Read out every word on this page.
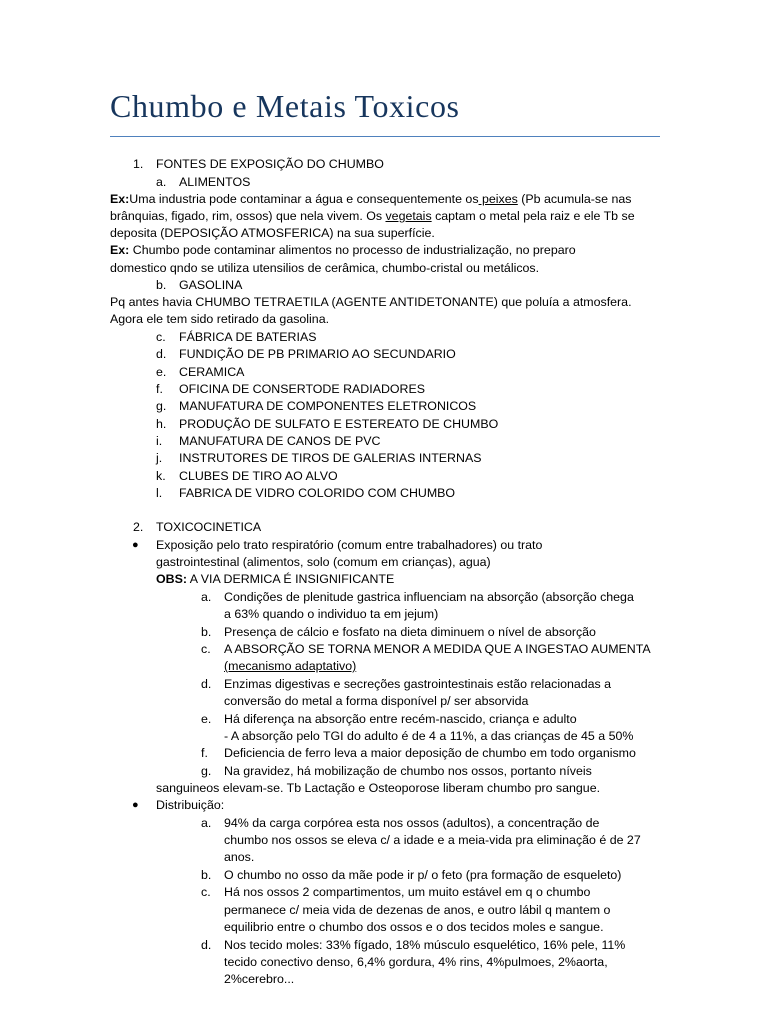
Chumbo e Metais Toxicos
1. FONTES DE EXPOSIÇÃO DO CHUMBO
a. ALIMENTOS
Ex:Uma industria pode contaminar a água e consequentemente os peixes (Pb acumula-se nas
brânquias, figado, rim, ossos) que nela vivem. Os vegetais captam o metal pela raiz e ele Tb se
deposita (DEPOSIÇÃO ATMOSFERICA) na sua superfície.
Ex: Chumbo pode contaminar alimentos no processo de industrialização, no preparo
domestico qndo se utiliza utensilios de cerâmica, chumbo-cristal ou metálicos.
b. GASOLINA
Pq antes havia CHUMBO TETRAETILA (AGENTE ANTIDETONANTE) que poluía a atmosfera.
Agora ele tem sido retirado da gasolina.
c. FÁBRICA DE BATERIAS
d. FUNDIÇÃO DE PB PRIMARIO AO SECUNDARIO
e. CERAMICA
f. OFICINA DE CONSERTODE RADIADORES
g. MANUFATURA DE COMPONENTES ELETRONICOS
h. PRODUÇÃO DE SULFATO E ESTEREATO DE CHUMBO
i. MANUFATURA DE CANOS DE PVC
j. INSTRUTORES DE TIROS DE GALERIAS INTERNAS
k. CLUBES DE TIRO AO ALVO
l. FABRICA DE VIDRO COLORIDO COM CHUMBO
2. TOXICOCINETICA
● Exposição pelo trato respiratório (comum entre trabalhadores) ou trato
gastrointestinal (alimentos, solo (comum em crianças), agua)
OBS: A VIA DERMICA É INSIGNIFICANTE
a. Condições de plenitude gastrica influenciam na absorção (absorção chega
a 63% quando o individuo ta em jejum)
b. Presença de cálcio e fosfato na dieta diminuem o nível de absorção
c. A ABSORÇÃO SE TORNA MENOR A MEDIDA QUE A INGESTAO AUMENTA
(mecanismo adaptativo)
d. Enzimas digestivas e secreções gastrointestinais estão relacionadas a
conversão do metal a forma disponível p/ ser absorvida
e. Há diferença na absorção entre recém-nascido, criança e adulto
- A absorção pelo TGI do adulto é de 4 a 11%, a das crianças de 45 a 50%
f. Deficiencia de ferro leva a maior deposição de chumbo em todo organismo
g. Na gravidez, há mobilização de chumbo nos ossos, portanto níveis
sanguineos elevam-se. Tb Lactação e Osteoporose liberam chumbo pro sangue.
● Distribuição:
a. 94% da carga corpórea esta nos ossos (adultos), a concentração de
chumbo nos ossos se eleva c/ a idade e a meia-vida pra eliminação é de 27
anos.
b. O chumbo no osso da mãe pode ir p/ o feto (pra formação de esqueleto)
c. Há nos ossos 2 compartimentos, um muito estável em q o chumbo
permanece c/ meia vida de dezenas de anos, e outro lábil q mantem o
equilibrio entre o chumbo dos ossos e o dos tecidos moles e sangue.
d. Nos tecido moles: 33% fígado, 18% músculo esquelético, 16% pele, 11%
tecido conectivo denso, 6,4% gordura, 4% rins, 4%pulmoes, 2%aorta,
2%cerebro...
